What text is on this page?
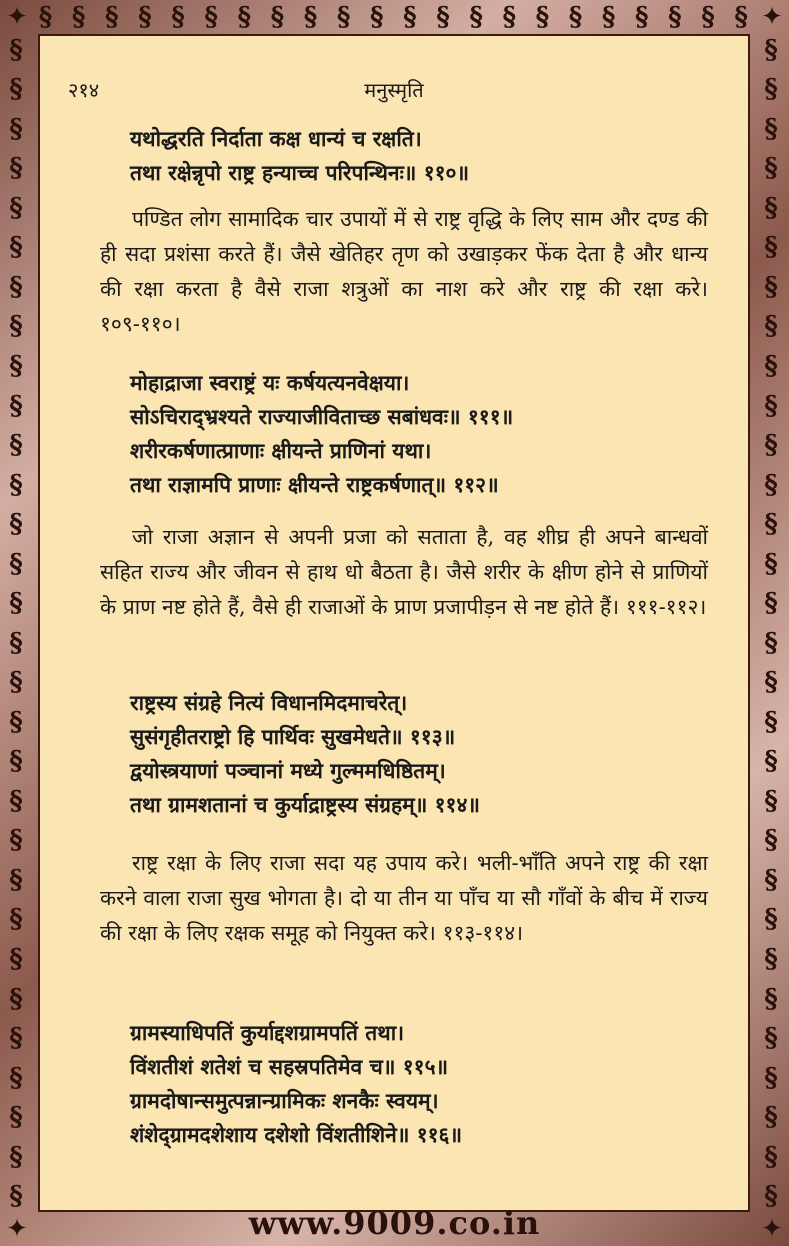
✦	✦
✦	✦
§ § § § § § § § § § § § § § § § § § § § § §
§
§
§
§
§
§
§
§
§
§
§
§
§
§
§
§
§
§
§
§
§
§
§
§
§
§
§
§
§
§
§
§
§
§
§
§
§
§
§
§
§
§
§
§
§
§
§
§
§
§
§
§
§
§
§
§
§
§
§
§
२१४	मनुस्मृति
यथोद्धरति निर्दाता कक्ष धान्यं च रक्षति।
तथा रक्षेन्नृपो राष्ट्र हन्याच्च परिपन्थिनः॥ ११०॥

पण्डित लोग सामादिक चार उपायों में से राष्ट्र वृद्धि के लिए साम और दण्ड की ही सदा प्रशंसा करते हैं। जैसे खेतिहर तृण को उखाड़कर फेंक देता है और धान्य की रक्षा करता है वैसे राजा शत्रुओं का नाश करे और राष्ट्र की रक्षा करे। १०९-११०।

मोहाद्राजा स्वराष्ट्रं यः कर्षयत्यनवेक्षया।
सोऽचिराद्भ्रश्यते राज्याजीविताच्छ सबांधवः॥ १११॥
शरीरकर्षणात्प्राणाः क्षीयन्ते प्राणिनां यथा।
तथा राज्ञामपि प्राणाः क्षीयन्ते राष्ट्रकर्षणात्॥ ११२॥

जो राजा अज्ञान से अपनी प्रजा को सताता है, वह शीघ्र ही अपने बान्धवों सहित राज्य और जीवन से हाथ धो बैठता है। जैसे शरीर के क्षीण होने से प्राणियों के प्राण नष्ट होते हैं, वैसे ही राजाओं के प्राण प्रजापीड़न से नष्ट होते हैं। १११-११२।

राष्ट्रस्य संग्रहे नित्यं विधानमिदमाचरेत्।
सुसंगृहीतराष्ट्रो हि पार्थिवः सुखमेधते॥ ११३॥
द्वयोस्त्रयाणां पञ्चानां मध्ये गुल्ममधिष्ठितम्।
तथा ग्रामशतानां च कुर्याद्राष्ट्रस्य संग्रहम्॥ ११४॥

राष्ट्र रक्षा के लिए राजा सदा यह उपाय करे। भली-भाँति अपने राष्ट्र की रक्षा करने वाला राजा सुख भोगता है। दो या तीन या पाँच या सौ गाँवों के बीच में राज्य की रक्षा के लिए रक्षक समूह को नियुक्त करे। ११३-११४।

ग्रामस्याधिपतिं कुर्याद्दशग्रामपतिं तथा।
विंशतीशं शतेशं च सहस्रपतिमेव च॥ ११५॥
ग्रामदोषान्समुत्पन्नान्ग्रामिकः शनकैः स्वयम्।
शंशेद्ग्रामदशेशाय दशेशो विंशतीशिने॥ ११६॥
www.9009.co.in
